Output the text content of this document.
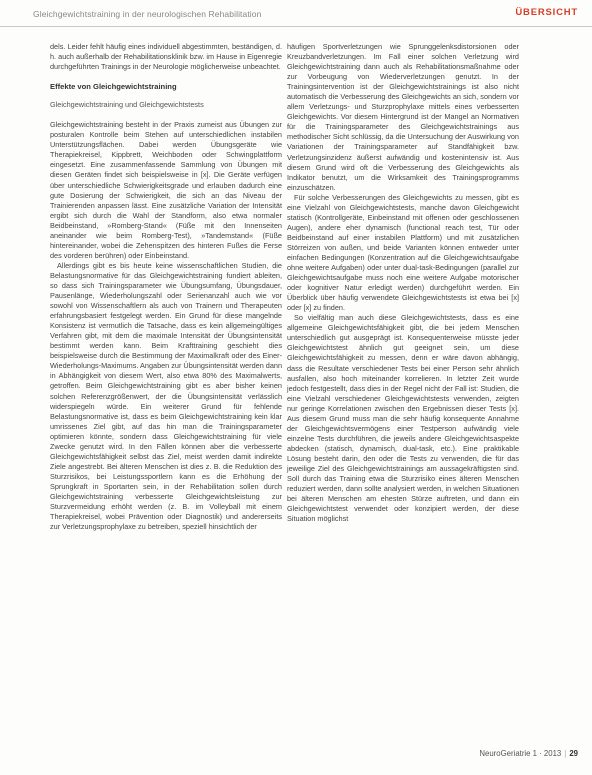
Gleichgewichtstraining in der neurologischen Rehabilitation	ÜBERSICHT

dels. Leider fehlt häufig eines individuell abgestimmten, beständigen, d. h. auch außerhalb der Rehabilitationsklinik bzw. im Hause in Eigenregie durchgeführten Trainings in der Neurologie möglicherweise unbeachtet.

Effekte von Gleichgewichtstraining
Gleichgewichtstraining und Gleichgewichtstests

Gleichgewichtstraining besteht in der Praxis zumeist aus Übungen zur posturalen Kontrolle beim Stehen auf unterschiedlichen instabilen Unterstützungsflächen. Dabei werden Übungsgeräte wie Therapiekreisel, Kippbrett, Weichboden oder Schwingplattform eingesetzt. Eine zusammenfassende Sammlung von Übungen mit diesen Geräten findet sich beispielsweise in [x]. Die Geräte verfügen über unterschiedliche Schwierigkeitsgrade und erlauben dadurch eine gute Dosierung der Schwierigkeit, die sich an das Niveau der Trainierenden anpassen lässt. Eine zusätzliche Variation der Intensität ergibt sich durch die Wahl der Standform, also etwa normaler Beidbeinstand, »Romberg-Stand« (Füße mit den Innenseiten aneinander wie beim Romberg-Test), »Tandemstand« (Füße hintereinander, wobei die Zehenspitzen des hinteren Fußes die Ferse des vorderen berühren) oder Einbeinstand.

Allerdings gibt es bis heute keine wissenschaftlichen Studien, die Belastungsnormative für das Gleichgewichtstraining fundiert ableiten, so dass sich Trainingsparameter wie Übungsumfang, Übungsdauer, Pausenlänge, Wiederholungszahl oder Serienanzahl auch wie vor sowohl von Wissenschaftlern als auch von Trainern und Therapeuten erfahrungsbasiert festgelegt werden. Ein Grund für diese mangelnde Konsistenz ist vermutlich die Tatsache, dass es kein allgemeingültiges Verfahren gibt, mit dem die maximale Intensität der Übungsintensität bestimmt werden kann. Beim Krafttraining geschieht dies beispielsweise durch die Bestimmung der Maximalkraft oder des Einer-Wiederholungs-Maximums. Angaben zur Übungsintensität werden dann in Abhängigkeit von diesem Wert, also etwa 80% des Maximalwerts, getroffen. Beim Gleichgewichtstraining gibt es aber bisher keinen solchen Referenzgrößenwert, der die Übungsintensität verlässlich widerspiegeln würde. Ein weiterer Grund für fehlende Belastungsnormative ist, dass es beim Gleichgewichtstraining kein klar umrissenes Ziel gibt, auf das hin man die Trainingsparameter optimieren könnte, sondern dass Gleichgewichtstraining für viele Zwecke genutzt wird. In den Fällen können aber die verbesserte Gleichgewichtsfähigkeit selbst das Ziel, meist werden damit indirekte Ziele angestrebt. Bei älteren Menschen ist dies z. B. die Reduktion des Sturzrisikos, bei Leistungssportlern kann es die Erhöhung der Sprungkraft in Sportarten sein, in der Rehabilitation sollen durch Gleichgewichtstraining verbesserte Gleichgewichtsleistung zur Sturzvermeidung erhöht werden (z. B. im Volleyball mit einem Therapiekreisel, wobei Prävention oder Diagnostik) und andererseits zur Verletzungsprophylaxe zu betreiben, speziell hinsichtlich der

häufigen Sportverletzungen wie Sprunggelenksdistorsionen oder Kreuzbandverletzungen. Im Fall einer solchen Verletzung wird Gleichgewichtstraining dann auch als Rehabilitationsmaßnahme oder zur Vorbeugung von Wiederverletzungen genutzt. In der Trainingsintervention ist der Gleichgewichtstrainings ist also nicht automatisch die Verbesserung des Gleichgewichts an sich, sondern vor allem Verletzungs- und Sturzprophylaxe mittels eines verbesserten Gleichgewichts. Vor diesem Hintergrund ist der Mangel an Normativen für die Trainingsparameter des Gleichgewichtstrainings aus methodischer Sicht schlüssig, da die Untersuchung der Auswirkung von Variationen der Trainingsparameter auf Standfähigkeit bzw. Verletzungsinzidenz äußerst aufwändig und kostenintensiv ist. Aus diesem Grund wird oft die Verbesserung des Gleichgewichts als Indikator benutzt, um die Wirksamkeit des Trainingsprogramms einzuschätzen.

Für solche Verbesserungen des Gleichgewichts zu messen, gibt es eine Vielzahl von Gleichgewichtstests, manche davon Gleichgewicht statisch (Kontrollgeräte, Einbeinstand mit offenen oder geschlossenen Augen), andere eher dynamisch (functional reach test, Tür oder Beidbeinstand auf einer instabilen Plattform) und mit zusätzlichen Störreizen von außen, und beide Varianten können entweder unter einfachen Bedingungen (Konzentration auf die Gleichgewichtsaufgabe ohne weitere Aufgaben) oder unter dual-task-Bedingungen (parallel zur Gleichgewichtsaufgabe muss noch eine weitere Aufgabe motorischer oder kognitiver Natur erledigt werden) durchgeführt werden. Ein Überblick über häufig verwendete Gleichgewichtstests ist etwa bei [x] oder [x] zu finden.

So vielfältig man auch diese Gleichgewichtstests, dass es eine allgemeine Gleichgewichtsfähigkeit gibt, die bei jedem Menschen unterschiedlich gut ausgeprägt ist. Konsequenterweise müsste jeder Gleichgewichtstest ähnlich gut geeignet sein, um diese Gleichgewichtsfähigkeit zu messen, denn er wäre davon abhängig, dass die Resultate verschiedener Tests bei einer Person sehr ähnlich ausfallen, also hoch miteinander korrelieren. In letzter Zeit wurde jedoch festgestellt, dass dies in der Regel nicht der Fall ist: Studien, die eine Vielzahl verschiedener Gleichgewichtstests verwenden, zeigten nur geringe Korrelationen zwischen den Ergebnissen dieser Tests [x]. Aus diesem Grund muss man die sehr häufig konsequente Annahme der Gleichgewichtsvermögens einer Testperson aufwändig viele einzelne Tests durchführen, die jeweils andere Gleichgewichtsaspekte abdecken (statisch, dynamisch, dual-task, etc.). Eine praktikable Lösung besteht darin, den oder die Tests zu verwenden, die für das jeweilige Ziel des Gleichgewichtstrainings am aussagekräftigsten sind. Soll durch das Training etwa die Sturzrisiko eines älteren Menschen reduziert werden, dann sollte analysiert werden, in welchen Situationen bei älteren Menschen am ehesten Stürze auftreten, und dann ein Gleichgewichtstest verwendet oder konzipiert werden, der diese Situation möglichst

NeuroGeriatrie 1 · 2013 | 29
